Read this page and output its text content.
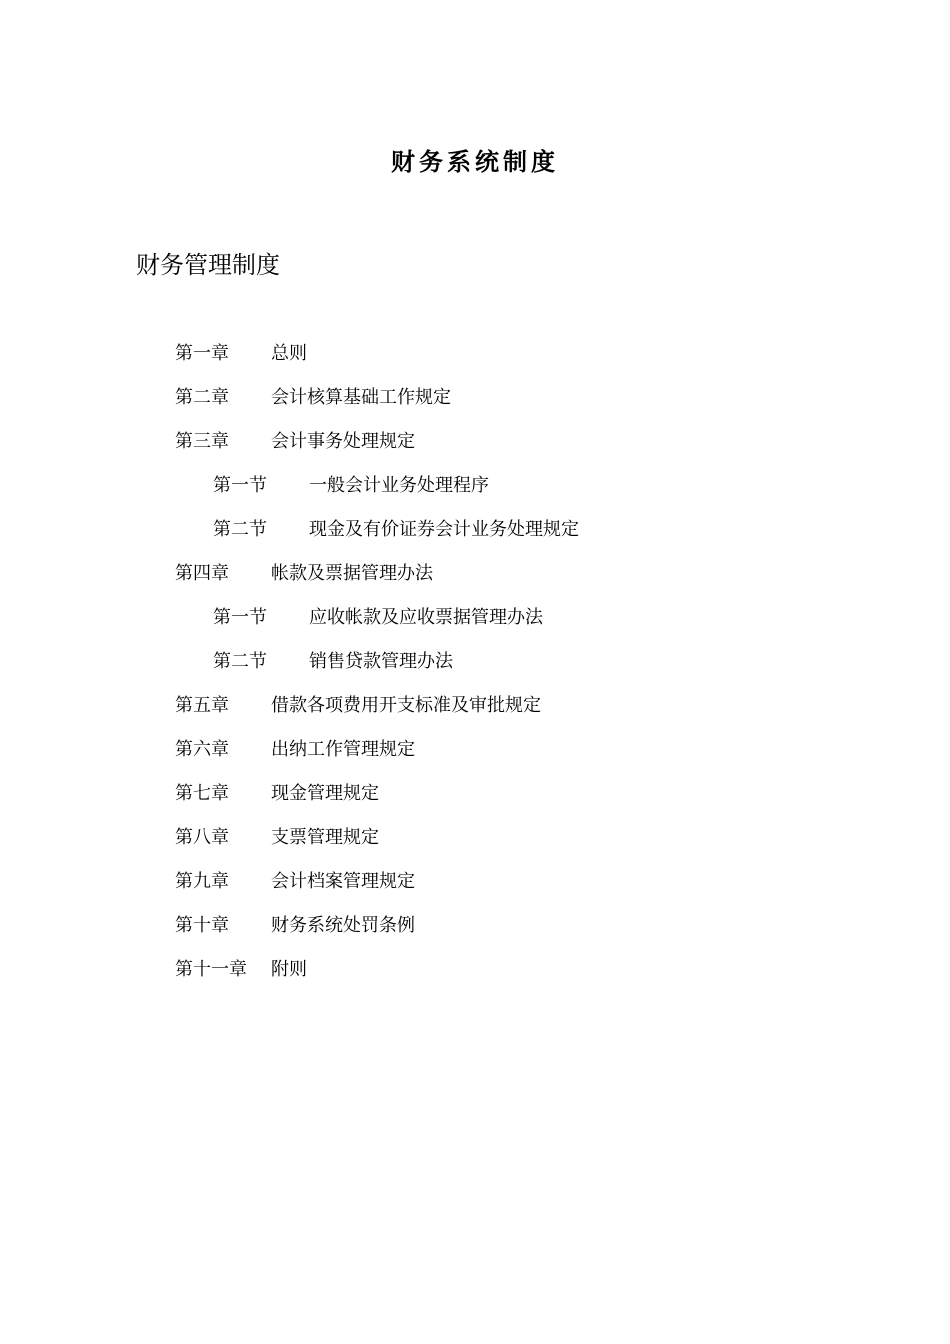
财务系统制度
财务管理制度
第一章	总则
第二章	会计核算基础工作规定
第三章	会计事务处理规定
第一节	一般会计业务处理程序
第二节	现金及有价证券会计业务处理规定
第四章	帐款及票据管理办法
第一节	应收帐款及应收票据管理办法
第二节	销售贷款管理办法
第五章	借款各项费用开支标准及审批规定
第六章	出纳工作管理规定
第七章	现金管理规定
第八章	支票管理规定
第九章	会计档案管理规定
第十章	财务系统处罚条例
第十一章	附则
